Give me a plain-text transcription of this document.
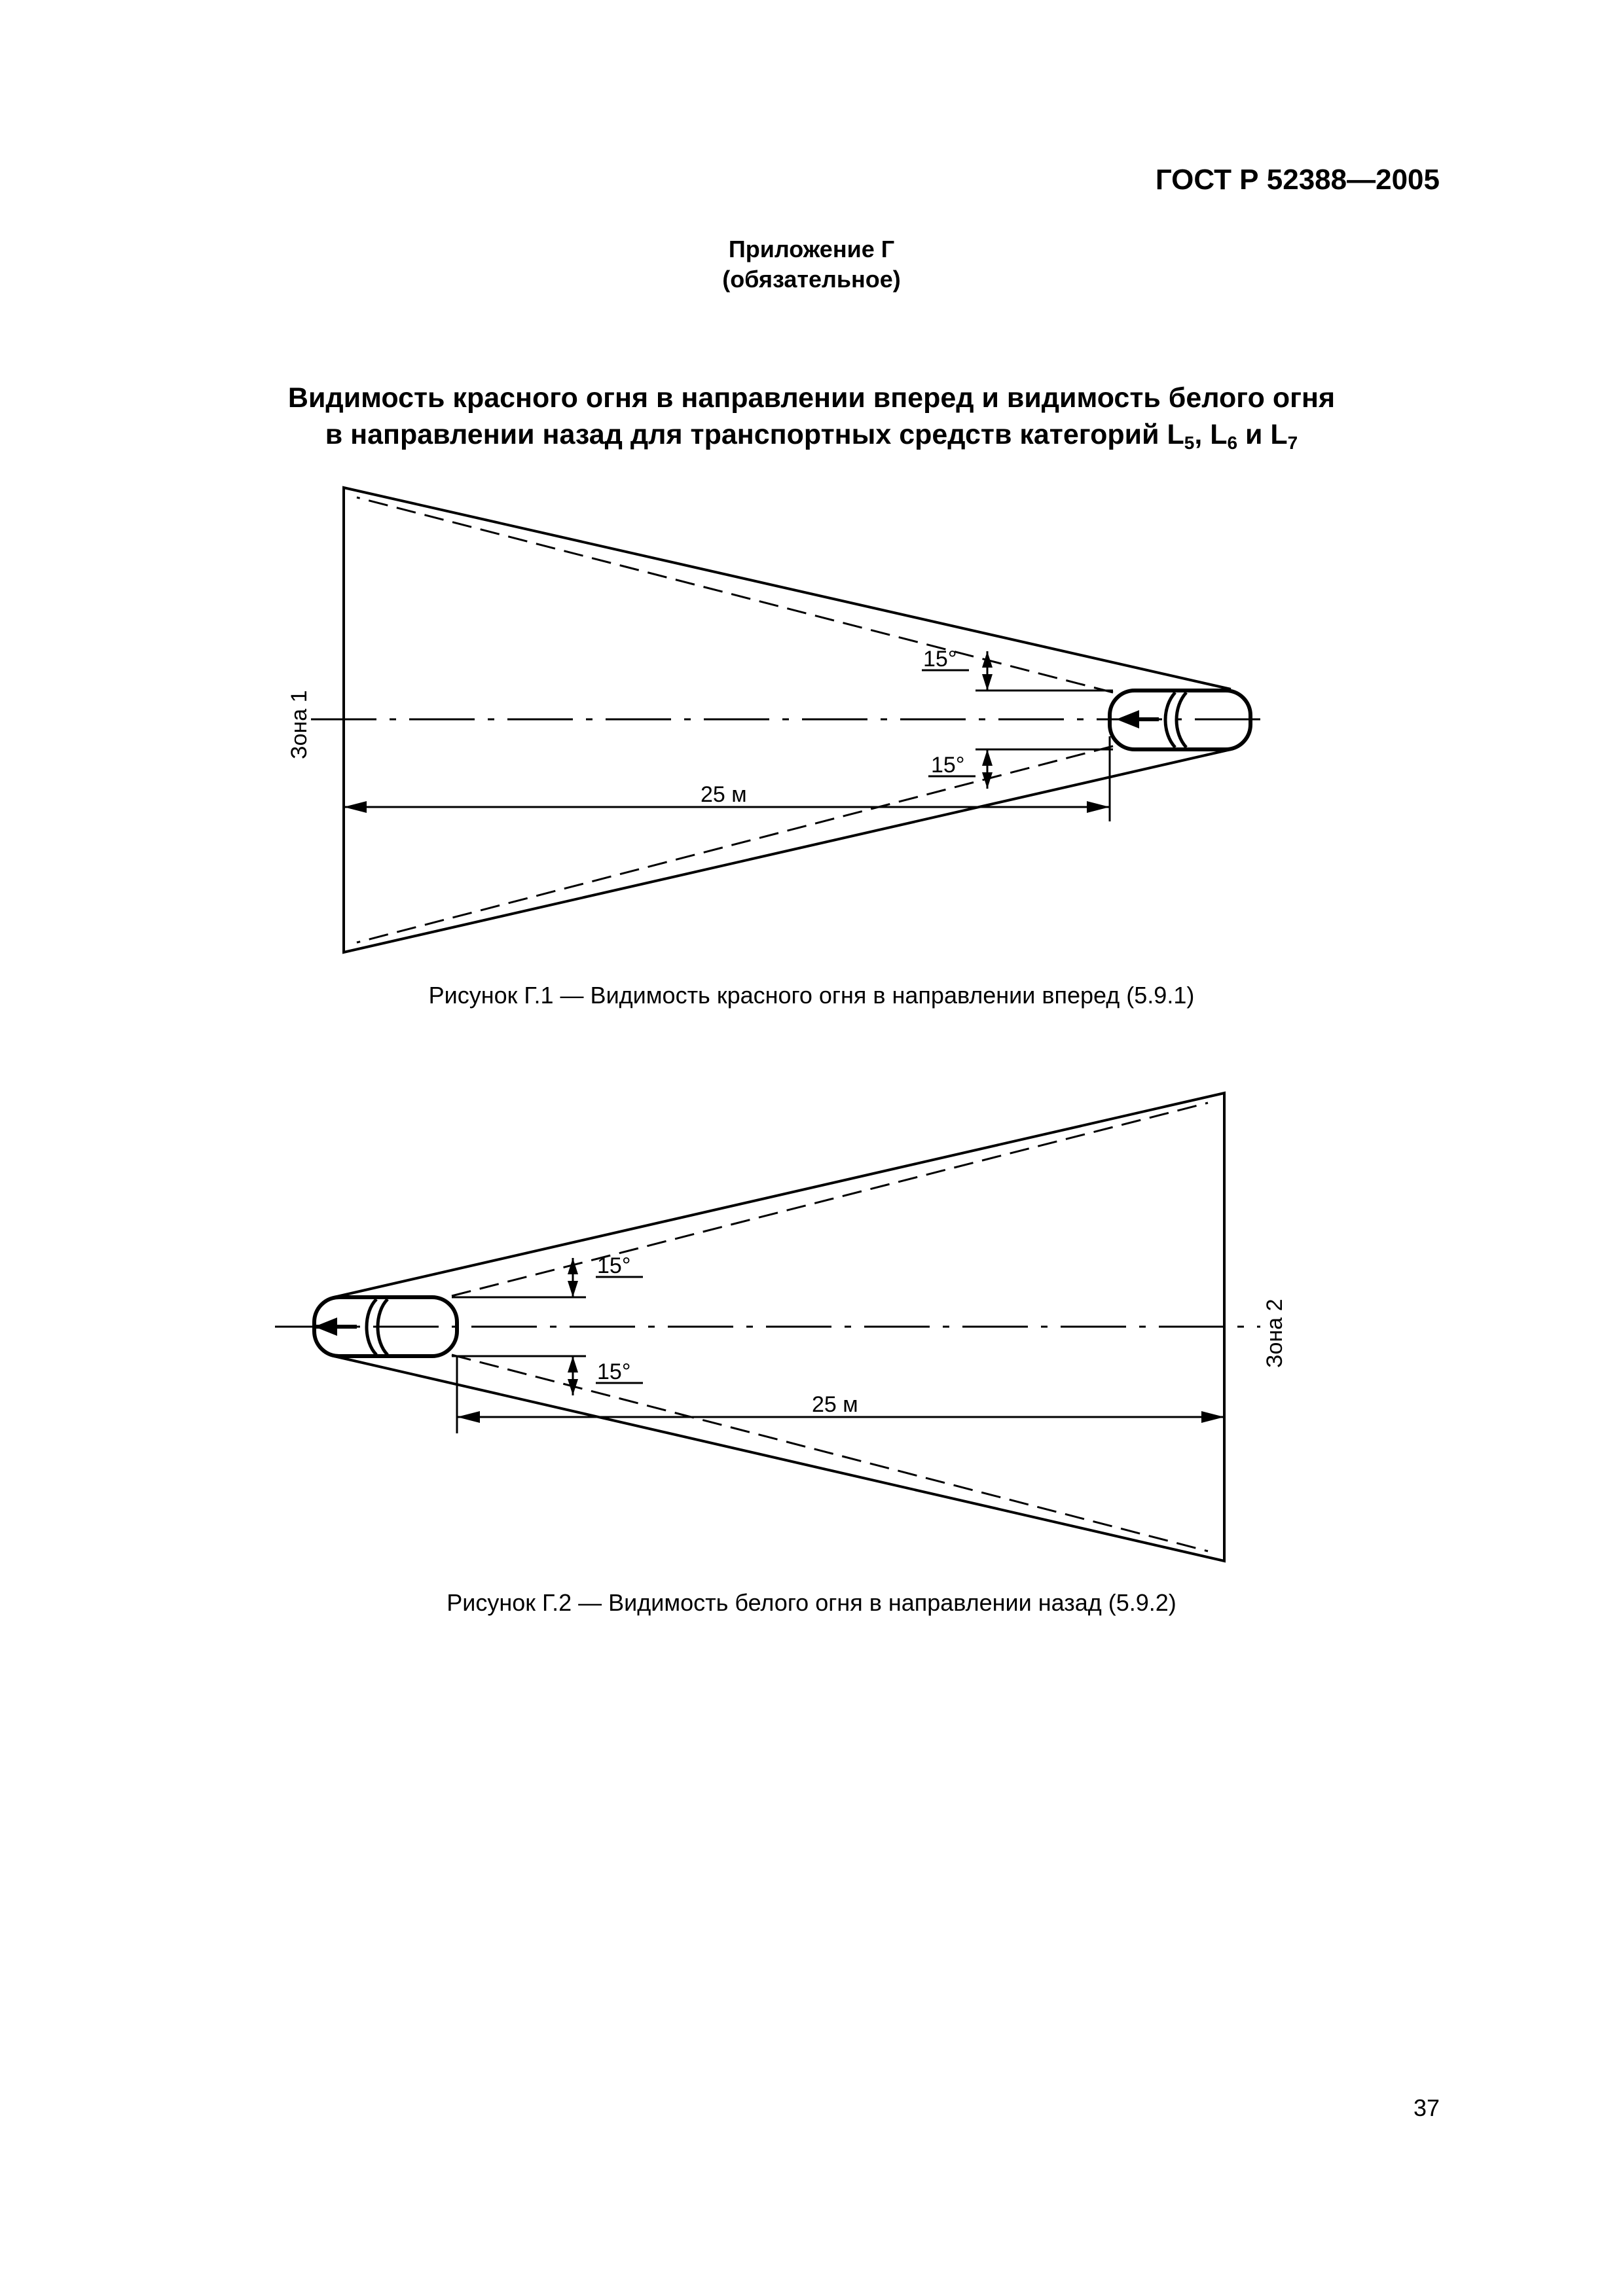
ГОСТ Р 52388—2005
Приложение Г
(обязательное)
Видимость красного огня в направлении вперед и видимость белого огня
в направлении назад для транспортных средств категорий $L_5$, $L_6$ и $L_7$
15°
15°
25 м
Зона 1
15°
15°
25 м
Зона 2
Рисунок Г.1 — Видимость красного огня в направлении вперед (5.9.1)
Рисунок Г.2 — Видимость белого огня в направлении назад (5.9.2)
37
